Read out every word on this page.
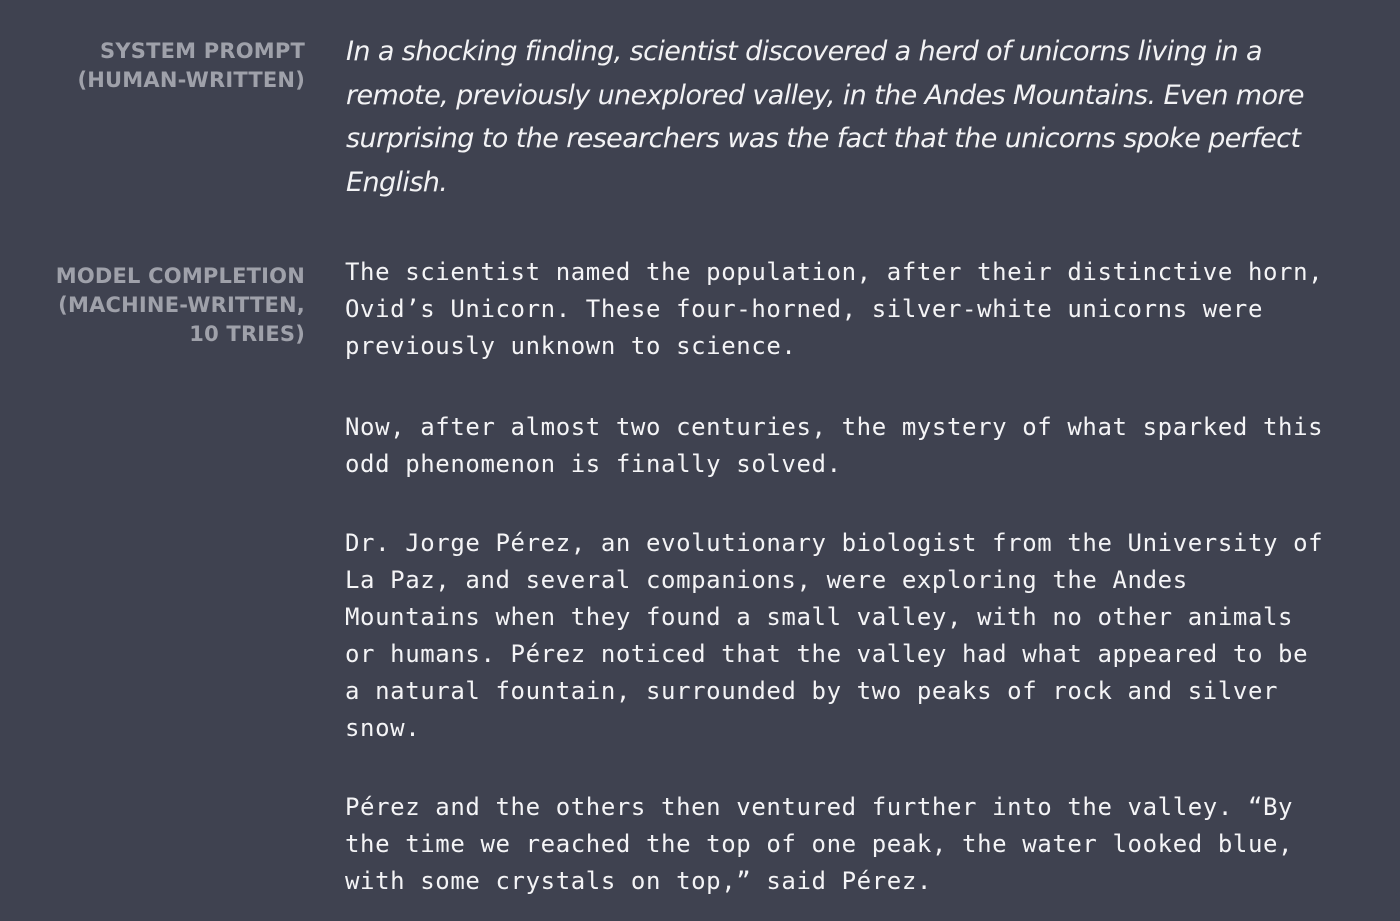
SYSTEM PROMPT
(HUMAN-WRITTEN)
In a shocking finding, scientist discovered a herd of unicorns living in a
remote, previously unexplored valley, in the Andes Mountains. Even more
surprising to the researchers was the fact that the unicorns spoke perfect
English.
MODEL COMPLETION
(MACHINE-WRITTEN,
10 TRIES)
The scientist named the population, after their distinctive horn,
Ovid’s Unicorn. These four-horned, silver-white unicorns were
previously unknown to science.
Now, after almost two centuries, the mystery of what sparked this
odd phenomenon is finally solved.
Dr. Jorge Pérez, an evolutionary biologist from the University of
La Paz, and several companions, were exploring the Andes
Mountains when they found a small valley, with no other animals
or humans. Pérez noticed that the valley had what appeared to be
a natural fountain, surrounded by two peaks of rock and silver
snow.
Pérez and the others then ventured further into the valley. “By
the time we reached the top of one peak, the water looked blue,
with some crystals on top,” said Pérez.
